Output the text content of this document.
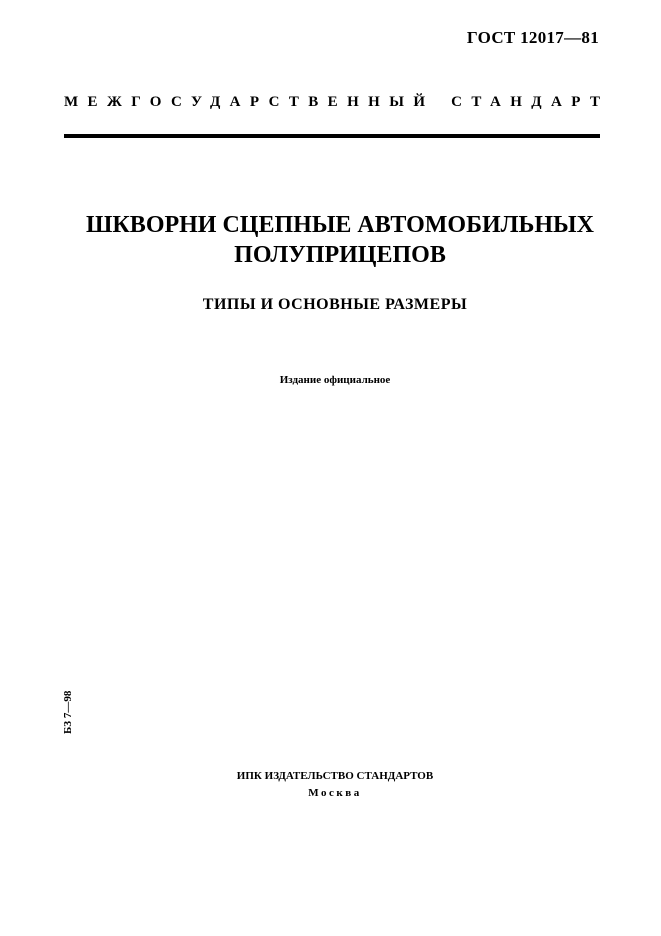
ГОСТ 12017—81
МЕЖГОСУДАРСТВЕННЫЙ СТАНДАРТ
ШКВОРНИ СЦЕПНЫЕ АВТОМОБИЛЬНЫХ
ПОЛУПРИЦЕПОВ
ТИПЫ И ОСНОВНЫЕ РАЗМЕРЫ
Издание официальное
БЗ 7—98
ИПК ИЗДАТЕЛЬСТВО СТАНДАРТОВ
Москва
